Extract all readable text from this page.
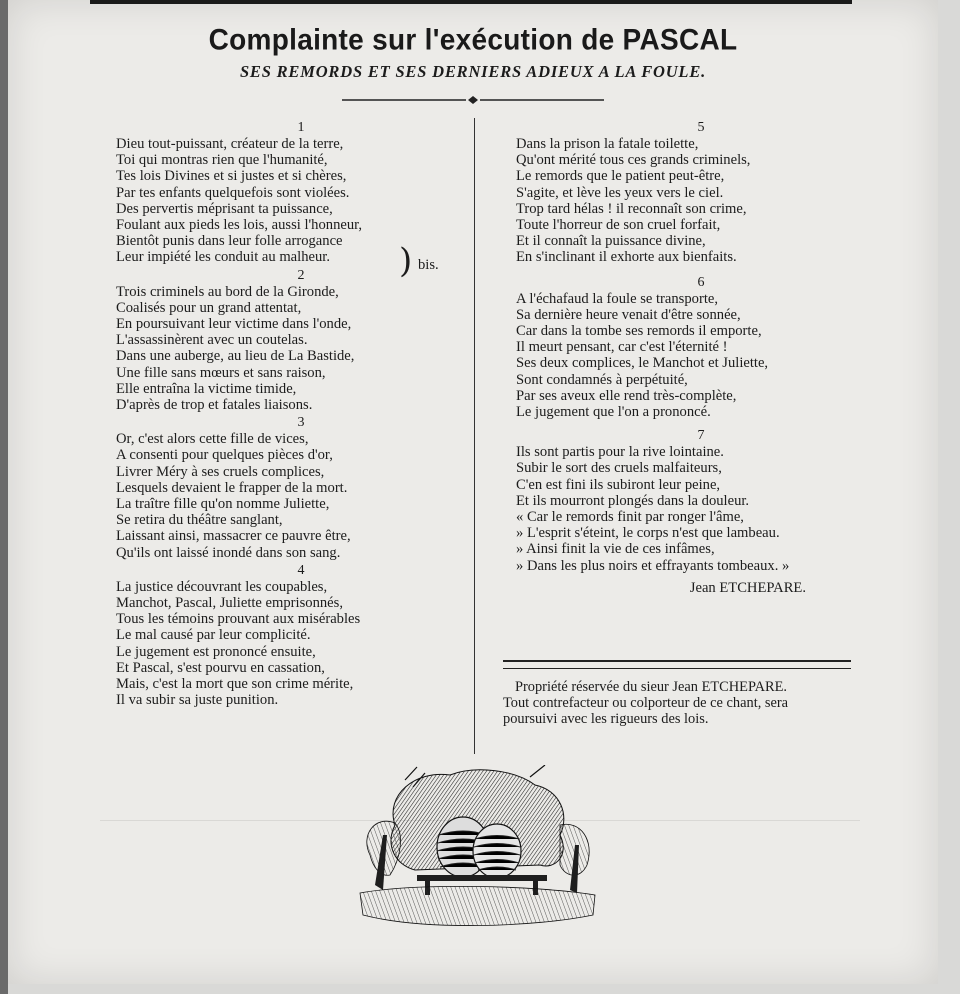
Complainte sur l'exécution de PASCAL
SES REMORDS ET SES DERNIERS ADIEUX A LA FOULE.
1
Dieu tout-puissant, créateur de la terre,
Toi qui montras rien que l'humanité,
Tes lois Divines et si justes et si chères,
Par tes enfants quelquefois sont violées.
Des pervertis méprisant ta puissance,
Foulant aux pieds les lois, aussi l'honneur,
Bientôt punis dans leur folle arrogance
Leur impiété les conduit au malheur.	) bis.
2
Trois criminels au bord de la Gironde,
Coalisés pour un grand attentat,
En poursuivant leur victime dans l'onde,
L'assassinèrent avec un coutelas.
Dans une auberge, au lieu de La Bastide,
Une fille sans mœurs et sans raison,
Elle entraîna la victime timide,
D'après de trop et fatales liaisons.
3
Or, c'est alors cette fille de vices,
A consenti pour quelques pièces d'or,
Livrer Méry à ses cruels complices,
Lesquels devaient le frapper de la mort.
La traître fille qu'on nomme Juliette,
Se retira du théâtre sanglant,
Laissant ainsi, massacrer ce pauvre être,
Qu'ils ont laissé inondé dans son sang.
4
La justice découvrant les coupables,
Manchot, Pascal, Juliette emprisonnés,
Tous les témoins prouvant aux misérables
Le mal causé par leur complicité.
Le jugement est prononcé ensuite,
Et Pascal, s'est pourvu en cassation,
Mais, c'est la mort que son crime mérite,
Il va subir sa juste punition.
5
Dans la prison la fatale toilette,
Qu'ont mérité tous ces grands criminels,
Le remords que le patient peut-être,
S'agite, et lève les yeux vers le ciel.
Trop tard hélas ! il reconnaît son crime,
Toute l'horreur de son cruel forfait,
Et il connaît la puissance divine,
En s'inclinant il exhorte aux bienfaits.
6
A l'échafaud la foule se transporte,
Sa dernière heure venait d'être sonnée,
Car dans la tombe ses remords il emporte,
Il meurt pensant, car c'est l'éternité !
Ses deux complices, le Manchot et Juliette,
Sont condamnés à perpétuité,
Par ses aveux elle rend très-complète,
Le jugement que l'on a prononcé.
7
Ils sont partis pour la rive lointaine.
Subir le sort des cruels malfaiteurs,
C'en est fini ils subiront leur peine,
Et ils mourront plongés dans la douleur.
« Car le remords finit par ronger l'âme,
» L'esprit s'éteint, le corps n'est que lambeau.
» Ainsi finit la vie de ces infâmes,
» Dans les plus noirs et effrayants tombeaux. »
Jean ETCHEPARE.
Propriété réservée du sieur Jean ETCHEPARE.
Tout contrefacteur ou colporteur de ce chant, sera
poursuivi avec les rigueurs des lois.
